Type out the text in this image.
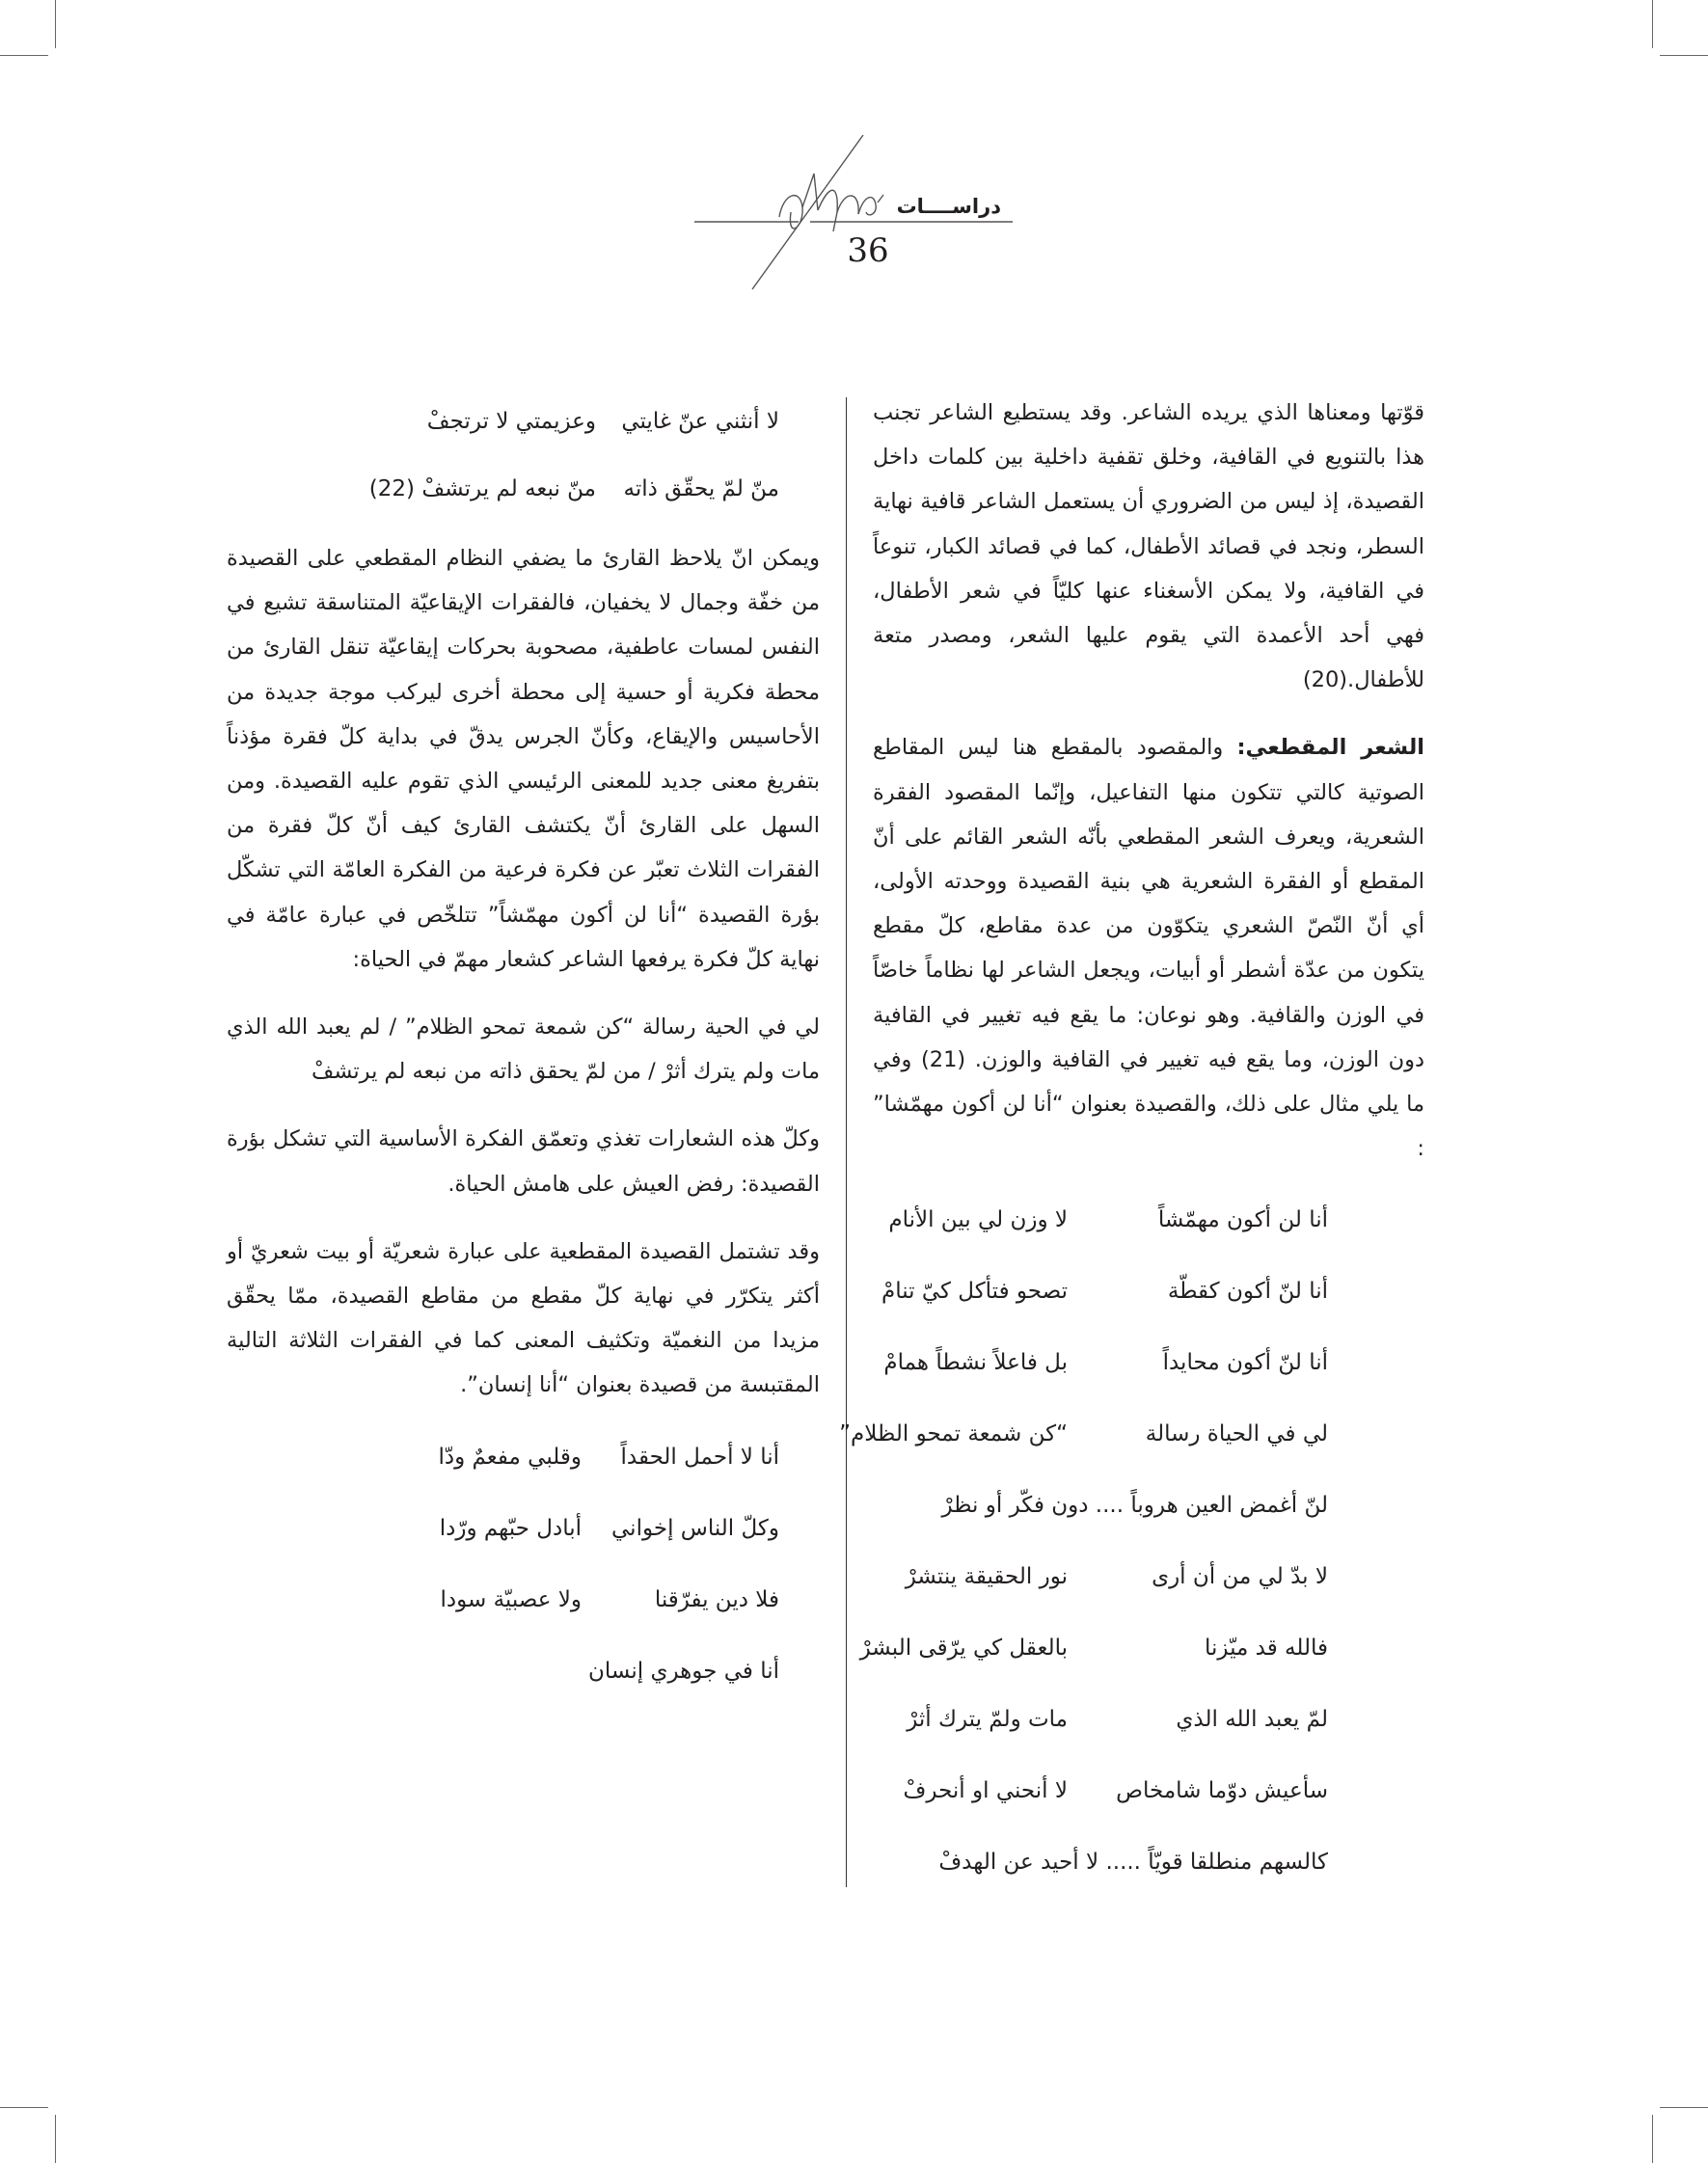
دراســــات
36

قوّتها ومعناها الذي يريده الشاعر. وقد يستطيع الشاعر تجنب هذا بالتنويع في القافية، وخلق تقفية داخلية بين كلمات داخل القصيدة، إذ ليس من الضروري أن يستعمل الشاعر قافية نهاية السطر، ونجد في قصائد الأطفال، كما في قصائد الكبار، تنوعاً في القافية، ولا يمكن الأسغناء عنها كليّاً في شعر الأطفال، فهي أحد الأعمدة التي يقوم عليها الشعر، ومصدر متعة للأطفال.(20)

الشعر المقطعي: والمقصود بالمقطع هنا ليس المقاطع الصوتية كالتي تتكون منها التفاعيل، وإنّما المقصود الفقرة الشعرية، ويعرف الشعر المقطعي بأنّه الشعر القائم على أنّ المقطع أو الفقرة الشعرية هي بنية القصيدة ووحدته الأولى، أي أنّ النّصّ الشعري يتكوّون من عدة مقاطع، كلّ مقطع يتكون من عدّة أشطر أو أبيات، ويجعل الشاعر لها نظاماً خاصّاً في الوزن والقافية. وهو نوعان: ما يقع فيه تغيير في القافية دون الوزن، وما يقع فيه تغيير في القافية والوزن. (21) وفي ما يلي مثال على ذلك، والقصيدة بعنوان “أنا لن أكون مهمّشا” :

أنا لن أكون مهمّشاً
لا وزن لي بين الأنام
أنا لنّ أكون كقطّة
تصحو فتأكل كيّ تنامْ
أنا لنّ أكون محايداً
بل فاعلاً نشطاً همامْ
لي في الحياة رسالة
“كن شمعة تمحو الظلام”
لنّ أغمض العين هروباً .... دون فكّر أو نظرْ
لا بدّ لي من أن أرى
نور الحقيقة ينتشرْ
فالله قد ميّزنا
بالعقل كي يرّقى البشرْ
لمّ يعبد الله الذي
مات ولمّ يترك أثرْ
سأعيش دوّما شامخاص
لا أنحني او أنحرفْ
كالسهم منطلقا قويّاً ..... لا أحيد عن الهدفْ
لا أنثني عنّ غايتي
وعزيمتي لا ترتجفْ
منّ لمّ يحقّق ذاته
منّ نبعه لم يرتشفْ (22)

ويمكن انّ يلاحظ القارئ ما يضفي النظام المقطعي على القصيدة من خفّة وجمال لا يخفيان، فالفقرات الإيقاعيّة المتناسقة تشيع في النفس لمسات عاطفية، مصحوبة بحركات إيقاعيّة تنقل القارئ من محطة فكرية أو حسية إلى محطة أخرى ليركب موجة جديدة من الأحاسيس والإيقاع، وكأنّ الجرس يدقّ في بداية كلّ فقرة مؤذناً بتفريغ معنى جديد للمعنى الرئيسي الذي تقوم عليه القصيدة. ومن السهل على القارئ أنّ يكتشف القارئ كيف أنّ كلّ فقرة من الفقرات الثلاث تعبّر عن فكرة فرعية من الفكرة العامّة التي تشكّل بؤرة القصيدة “أنا لن أكون مهمّشاً” تتلخّص في عبارة عامّة في نهاية كلّ فكرة يرفعها الشاعر كشعار مهمّ في الحياة:

لي في الحية رسالة “كن شمعة تمحو الظلام” / لم يعبد الله الذي مات ولم يترك أثرْ / من لمّ يحقق ذاته من نبعه لم يرتشفْ

وكلّ هذه الشعارات تغذي وتعمّق الفكرة الأساسية التي تشكل بؤرة القصيدة: رفض العيش على هامش الحياة.

وقد تشتمل القصيدة المقطعية على عبارة شعريّة أو بيت شعريّ أو أكثر يتكرّر في نهاية كلّ مقطع من مقاطع القصيدة، ممّا يحقّق مزيدا من النغميّة وتكثيف المعنى كما في الفقرات الثلاثة التالية المقتبسة من قصيدة بعنوان “أنا إنسان”.

أنا لا أحمل الحقداً
وقلبي مفعمٌ ودّا
وكلّ الناس إخواني
أبادل حبّهم ورّدا
فلا دين يفرّقنا
ولا عصبيّة سودا
أنا في جوهري إنسان
